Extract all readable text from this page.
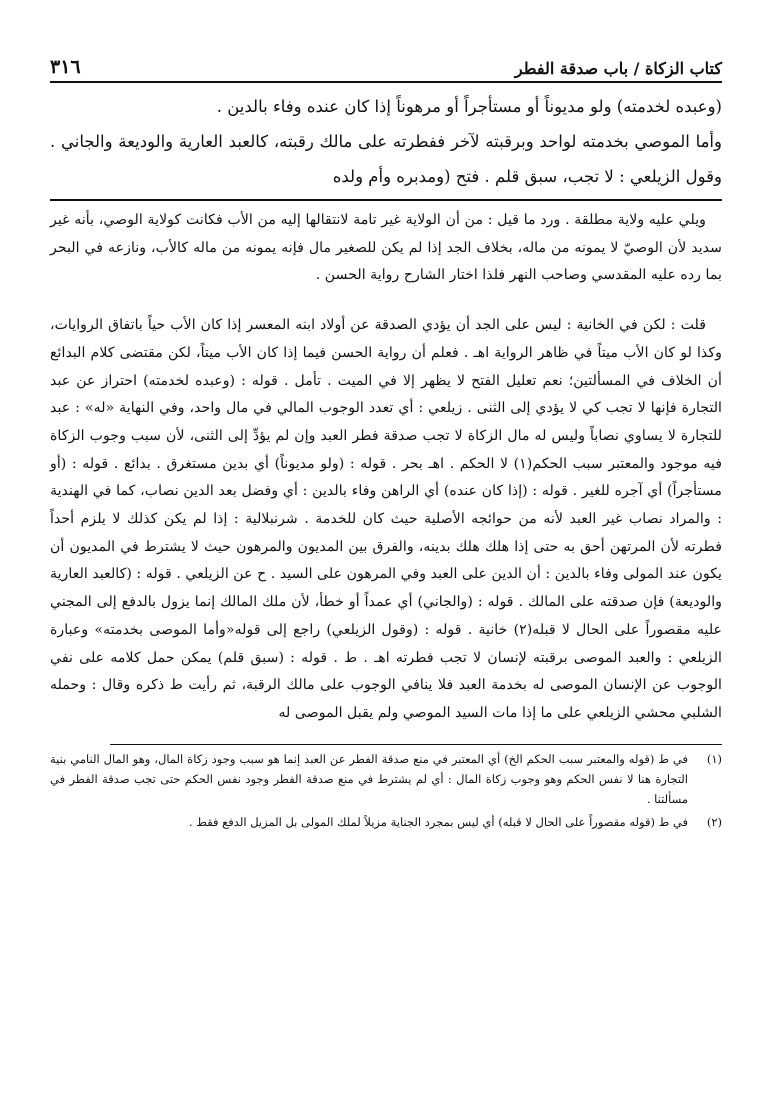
كتاب الزكاة / باب صدقة الفطر
٣١٦

(وعبده لخدمته) ولو مديوناً أو مستأجراً أو مرهوناً إذا كان عنده وفاء بالدين .

وأما الموصي بخدمته لواحد وبرقبته لآخر ففطرته على مالك رقبته، كالعبد العارية والوديعة والجاني . وقول الزيلعي : لا تجب، سبق قلم . فتح (ومدبره وأم ولده

ويلي عليه ولاية مطلقة . ورد ما قيل : من أن الولاية غير تامة لانتقالها إليه من الأب فكانت كولاية الوصي، بأنه غير سديد لأن الوصيّ لا يمونه من ماله، بخلاف الجد إذا لم يكن للصغير مال فإنه يمونه من ماله كالأب، ونازعه في البحر بما رده عليه المقدسي وصاحب النهر فلذا اختار الشارح رواية الحسن .

قلت : لكن في الخانية : ليس على الجد أن يؤدي الصدقة عن أولاد ابنه المعسر إذا كان الأب حياً باتفاق الروايات، وكذا لو كان الأب ميتاً في ظاهر الرواية اهـ . فعلم أن رواية الحسن فيما إذا كان الأب ميتاً، لكن مقتضى كلام البدائع أن الخلاف في المسألتين؛ نعم تعليل الفتح لا يظهر إلا في الميت . تأمل . قوله : (وعبده لخدمته) احتراز عن عبد التجارة فإنها لا تجب كي لا يؤدي إلى الثنى . زيلعي : أي تعدد الوجوب المالي في مال واحد، وفي النهاية «له» : عبد للتجارة لا يساوي نصاباً وليس له مال الزكاة لا تجب صدقة فطر العبد وإن لم يؤدِّ إلى الثنى، لأن سبب وجوب الزكاة فيه موجود والمعتبر سبب الحكم(١) لا الحكم . اهـ بحر . قوله : (ولو مديوناً) أي بدين مستغرق . بدائع . قوله : (أو مستأجراً) أي آجره للغير . قوله : (إذا كان عنده) أي الراهن وفاء بالدين : أي وفضل بعد الدين نصاب، كما في الهندية : والمراد نصاب غير العبد لأنه من حوائجه الأصلية حيث كان للخدمة . شرنبلالية : إذا لم يكن كذلك لا يلزم أحداً فطرته لأن المرتهن أحق به حتى إذا هلك هلك بدينه، والفرق بين المديون والمرهون حيث لا يشترط في المديون أن يكون عند المولى وفاء بالدين : أن الدين على العبد وفي المرهون على السيد . ح عن الزيلعي . قوله : (كالعبد العارية والوديعة) فإن صدقته على المالك . قوله : (والجاني) أي عمداً أو خطأ، لأن ملك المالك إنما يزول بالدفع إلى المجني عليه مقصوراً على الحال لا قبله(٢) خانية . قوله : (وقول الزيلعي) راجع إلى قوله«وأما الموصى بخدمته» وعبارة الزيلعي : والعبد الموصى برقبته لإنسان لا تجب فطرته اهـ . ط . قوله : (سبق قلم) يمكن حمل كلامه على نفي الوجوب عن الإنسان الموصى له بخدمة العبد فلا ينافي الوجوب على مالك الرقبة، ثم رأيت ط ذكره وقال : وحمله الشلبي محشي الزيلعي على ما إذا مات السيد الموصي ولم يقبل الموصى له

(١)
في ط (قوله والمعتبر سبب الحكم الخ) أي المعتبر في منع صدقة الفطر عن العبد إنما هو سبب وجود زكاة المال، وهو المال النامي بنية التجارة هنا لا نفس الحكم وهو وجوب زكاة المال : أي لم يشترط في منع صدقة الفطر وجود نفس الحكم حتى تجب صدقة الفطر في مسألتنا .
(٢)
في ط (قوله مقصوراً على الحال لا قبله) أي ليس بمجرد الجناية مزيلاً لملك المولى بل المزيل الدفع فقط .
